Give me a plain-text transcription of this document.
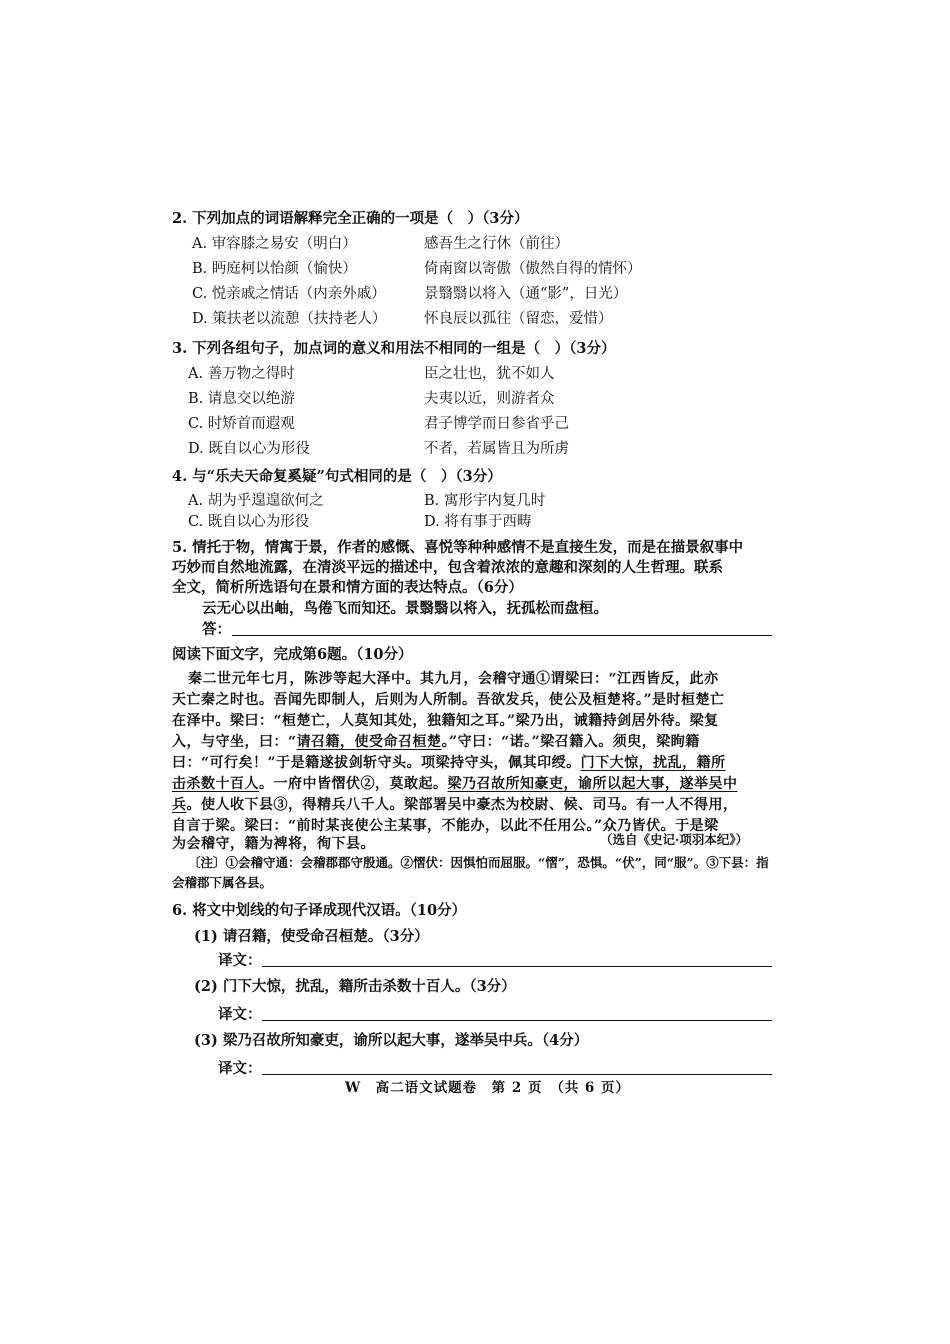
2. 下列加点的词语解释完全正确的一项是（　）（3分）
A. 审容膝之易安（明白）	感吾生之行休（前往）
B. 眄庭柯以怡颜（愉快）	倚南窗以寄傲（傲然自得的情怀）
C. 悦亲戚之情话（内亲外戚）	景翳翳以将入（通“影”，日光）
D. 策扶老以流憩（扶持老人）	怀良辰以孤往（留恋，爱惜）
3. 下列各组句子，加点词的意义和用法不相同的一组是（　）（3分）
A. 善万物之得时	臣之壮也，犹不如人
B. 请息交以绝游	夫夷以近，则游者众
C. 时矫首而遐观	君子博学而日参省乎己
D. 既自以心为形役	不者，若属皆且为所虏
4. 与“乐夫天命复奚疑”句式相同的是（　）（3分）
A. 胡为乎遑遑欲何之	B. 寓形宇内复几时
C. 既自以心为形役	D. 将有事于西畴
5. 情托于物，情寓于景，作者的感慨、喜悦等种种感情不是直接生发，而是在描景叙事中
巧妙而自然地流露，在清淡平远的描述中，包含着浓浓的意趣和深刻的人生哲理。联系
全文，简析所选语句在景和情方面的表达特点。（6分）
云无心以出岫，鸟倦飞而知还。景翳翳以将入，抚孤松而盘桓。
答：
阅读下面文字，完成第6题。（10分）
秦二世元年七月，陈涉等起大泽中。其九月，会稽守通①谓梁曰：“江西皆反，此亦
天亡秦之时也。吾闻先即制人，后则为人所制。吾欲发兵，使公及桓楚将。”是时桓楚亡
在泽中。梁曰：“桓楚亡，人莫知其处，独籍知之耳。”梁乃出，诫籍持剑居外待。梁复
入，与守坐，曰：“请召籍，使受命召桓楚。”守曰：“诺。”梁召籍入。须臾，梁眴籍
曰：“可行矣！”于是籍遂拔剑斩守头。项梁持守头，佩其印绶。门下大惊，扰乱，籍所
击杀数十百人。一府中皆慴伏②，莫敢起。梁乃召故所知豪吏，谕所以起大事，遂举吴中
兵。使人收下县③，得精兵八千人。梁部署吴中豪杰为校尉、候、司马。有一人不得用，
自言于梁。梁曰：“前时某丧使公主某事，不能办，以此不任用公。”众乃皆伏。于是梁
为会稽守，籍为裨将，徇下县。	（选自《史记·项羽本纪》）
〔注〕①会稽守通：会稽郡郡守殷通。②慴伏：因惧怕而屈服。“慴”，恐惧。“伏”，同“服”。③下县：指
会稽郡下属各县。
6. 将文中划线的句子译成现代汉语。（10分）
(1) 请召籍，使受命召桓楚。（3分）
译文：
(2) 门下大惊，扰乱，籍所击杀数十百人。（3分）
译文：
(3) 梁乃召故所知豪吏，谕所以起大事，遂举吴中兵。（4分）
译文：
W　高二语文试题卷　第 2 页　（共 6 页）
